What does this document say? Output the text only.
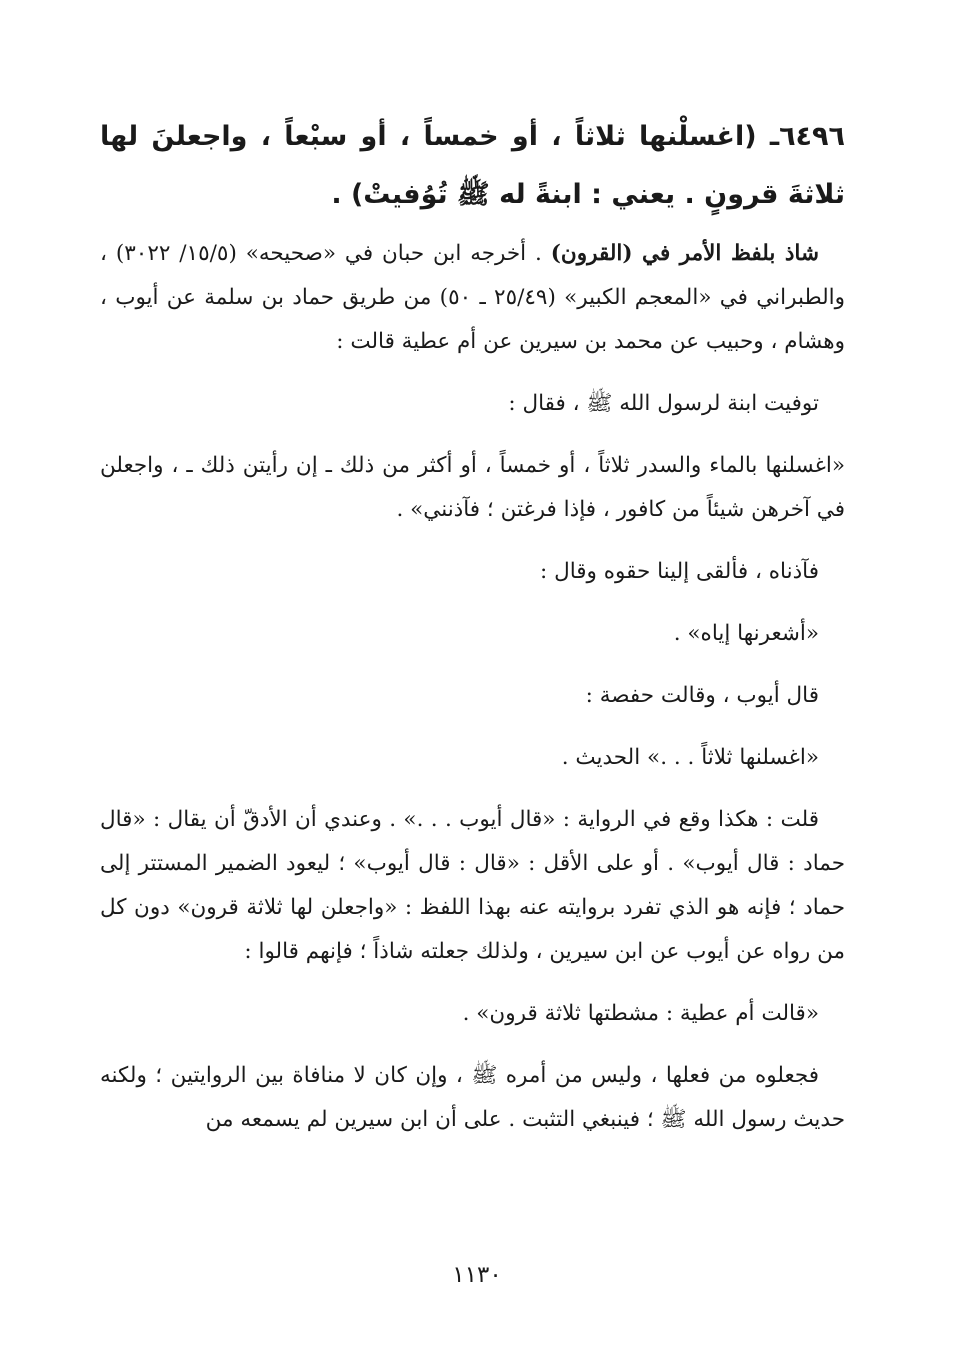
٦٤٩٦ـ (اغسلْنها ثلاثاً ، أو خمساً ، أو سبْعاً ، واجعلنَ لها ثلاثةَ قرونٍ . يعني : ابنةً له ﷺ تُوُفيتْ) .

شاذ بلفظ الأمر في (القرون) . أخرجه ابن حبان في «صحيحه» (١٥/٥/ ٣٠٢٢) ، والطبراني في «المعجم الكبير» (٢٥/٤٩ ـ ٥٠) من طريق حماد بن سلمة عن أيوب ، وهشام ، وحبيب عن محمد بن سيرين عن أم عطية قالت :

توفيت ابنة لرسول الله ﷺ ، فقال :

«اغسلنها بالماء والسدر ثلاثاً ، أو خمساً ، أو أكثر من ذلك ـ إن رأيتن ذلك ـ ، واجعلن في آخرهن شيئاً من كافور ، فإذا فرغتن ؛ فآذنني» .

فآذناه ، فألقى إلينا حقوه وقال :

«أشعرنها إياه» .

قال أيوب ، وقالت حفصة :

«اغسلنها ثلاثاً . . .» الحديث .

قلت : هكذا وقع في الرواية : «قال أيوب . . .» . وعندي أن الأدقّ أن يقال : «قال حماد : قال أيوب» . أو على الأقل : «قال : قال أيوب» ؛ ليعود الضمير المستتر إلى حماد ؛ فإنه هو الذي تفرد بروايته عنه بهذا اللفظ : «واجعلن لها ثلاثة قرون» دون كل من رواه عن أيوب عن ابن سيرين ، ولذلك جعلته شاذاً ؛ فإنهم قالوا :

«قالت أم عطية : مشطتها ثلاثة قرون» .

فجعلوه من فعلها ، وليس من أمره ﷺ ، وإن كان لا منافاة بين الروايتين ؛ ولكنه حديث رسول الله ﷺ ؛ فينبغي التثبت . على أن ابن سيرين لم يسمعه من

١١٣٠
